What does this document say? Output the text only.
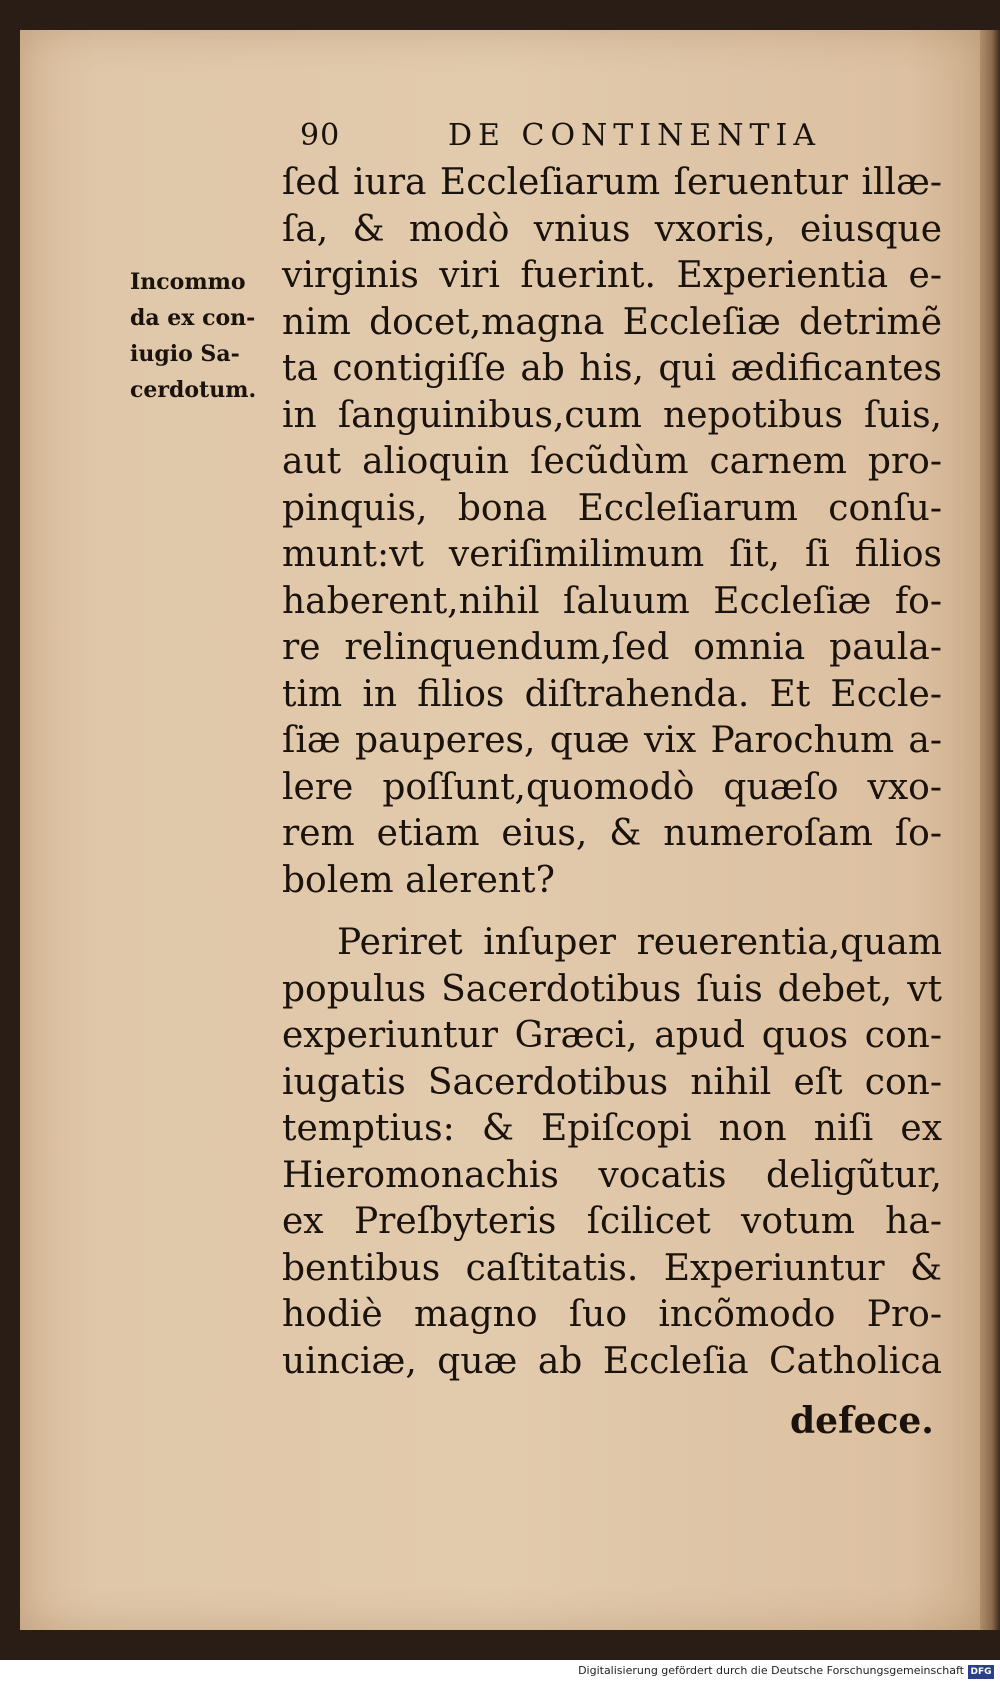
90	DE CONTINENTIA
Incommo
da ex con-
iugio Sa-
cerdotum.
ſed iura Eccleſiarum ſeruentur illæ-
ſa, & modò vnius vxoris, eiusque
virginis viri fuerint. Experientia e-
nim docet,magna Eccleſiæ detrimẽ
ta contigiſſe ab his, qui ædificantes
in ſanguinibus,cum nepotibus ſuis,
aut alioquin ſecũdùm carnem pro-
pinquis, bona Eccleſiarum conſu-
munt:vt veriſimilimum ſit, ſi filios
haberent,nihil ſaluum Eccleſiæ fo-
re relinquendum,ſed omnia paula-
tim in filios diſtrahenda. Et Eccle-
ſiæ pauperes, quæ vix Parochum a-
lere poſſunt,quomodò quæſo vxo-
rem etiam eius, & numeroſam ſo-
bolem alerent?
Periret inſuper reuerentia,quam
populus Sacerdotibus ſuis debet, vt
experiuntur Græci, apud quos con-
iugatis Sacerdotibus nihil eſt con-
temptius: & Epiſcopi non niſi ex
Hieromonachis vocatis deligũtur,
ex Preſbyteris ſcilicet votum ha-
bentibus caſtitatis. Experiuntur &
hodiè magno ſuo incõmodo Pro-
uinciæ, quæ ab Eccleſia Catholica
defece.
Digitalisierung gefördert durch die Deutsche Forschungsgemeinschaft DFG
